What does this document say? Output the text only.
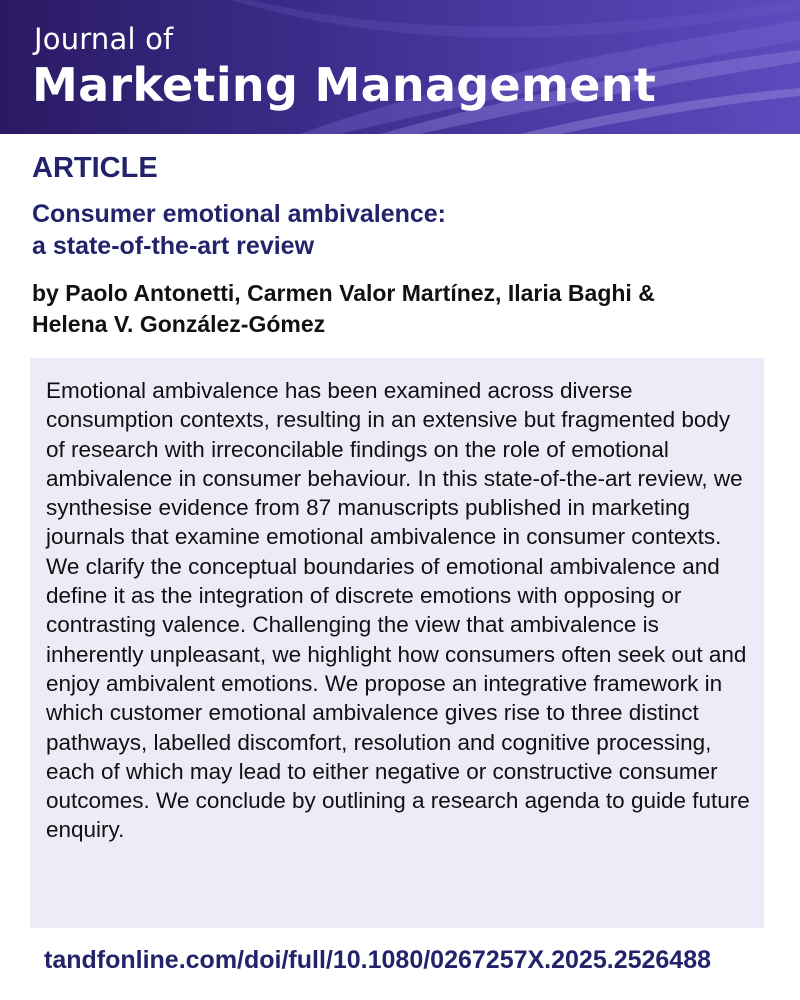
Journal of
Marketing Management
ARTICLE
Consumer emotional ambivalence:
a state-of-the-art review
by Paolo Antonetti, Carmen Valor Martínez, Ilaria Baghi &
Helena V. González-Gómez

Emotional ambivalence has been examined across diverse consumption contexts, resulting in an extensive but fragmented body of research with irreconcilable findings on the role of emotional ambivalence in consumer behaviour. In this state-of-the-art review, we synthesise evidence from 87 manuscripts published in marketing journals that examine emotional ambivalence in consumer contexts. We clarify the conceptual boundaries of emotional ambivalence and define it as the integration of discrete emotions with opposing or contrasting valence. Challenging the view that ambivalence is inherently unpleasant, we highlight how consumers often seek out and enjoy ambivalent emotions. We propose an integrative framework in which customer emotional ambivalence gives rise to three distinct pathways, labelled discomfort, resolution and cognitive processing, each of which may lead to either negative or constructive consumer outcomes. We conclude by outlining a research agenda to guide future enquiry.

tandfonline.com/doi/full/10.1080/0267257X.2025.2526488
